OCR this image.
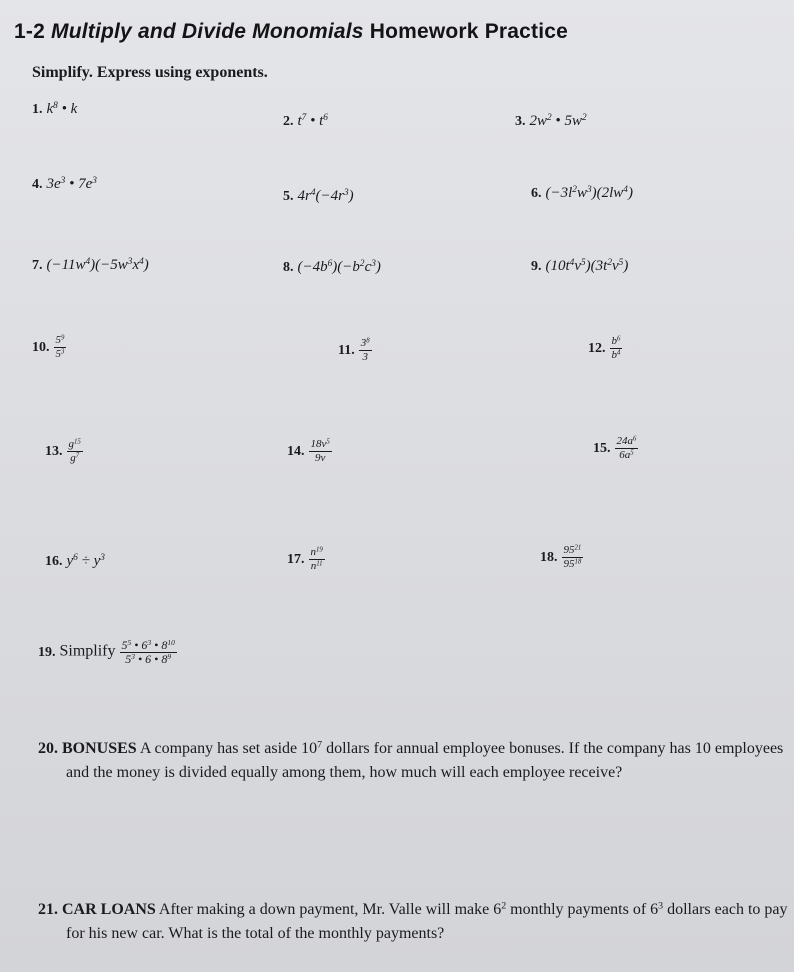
1-2 Multiply and Divide Monomials Homework Practice
Simplify. Express using exponents.
1. $k^8$ • k
2. $t^7$ • $t^6$	3. $2w^2$ • $5w^2$
4. $3e^3$ • $7e^3$
5. $4r^4(-4r^3)$	6. $(-3l^2w^3)(2lw^4)$
7. $(-11w^4)(-5w^3x^4)$	8. $(-4b^6)(-b^2c^3)$	9. $(10t^4v^5)(3t^2v^5)$
10. $\frac{5^9}{5^3}$	11. $\frac{3^8}{3}$	12. $\frac{b^6}{b^4}$
13. $\frac{g^{15}}{g^7}$	14. $\frac{18v^5}{9v}$	15. $\frac{24a^6}{6a^5}$
16. $y^6 \div y^3$	17. $\frac{n^{19}}{n^{11}}$	18. $\frac{95^{21}}{95^{18}}$
19. Simplify $\frac{5^5 • 6^3 • 8^{10}}{5^3 • 6 • 8^9}$
20. BONUSES A company has set aside $10^7$ dollars for annual employee bonuses. If the company has 10 employees and the money is divided equally among them, how much will each employee receive?
21. CAR LOANS After making a down payment, Mr. Valle will make $6^2$ monthly payments of $6^3$ dollars each to pay for his new car. What is the total of the monthly payments?
